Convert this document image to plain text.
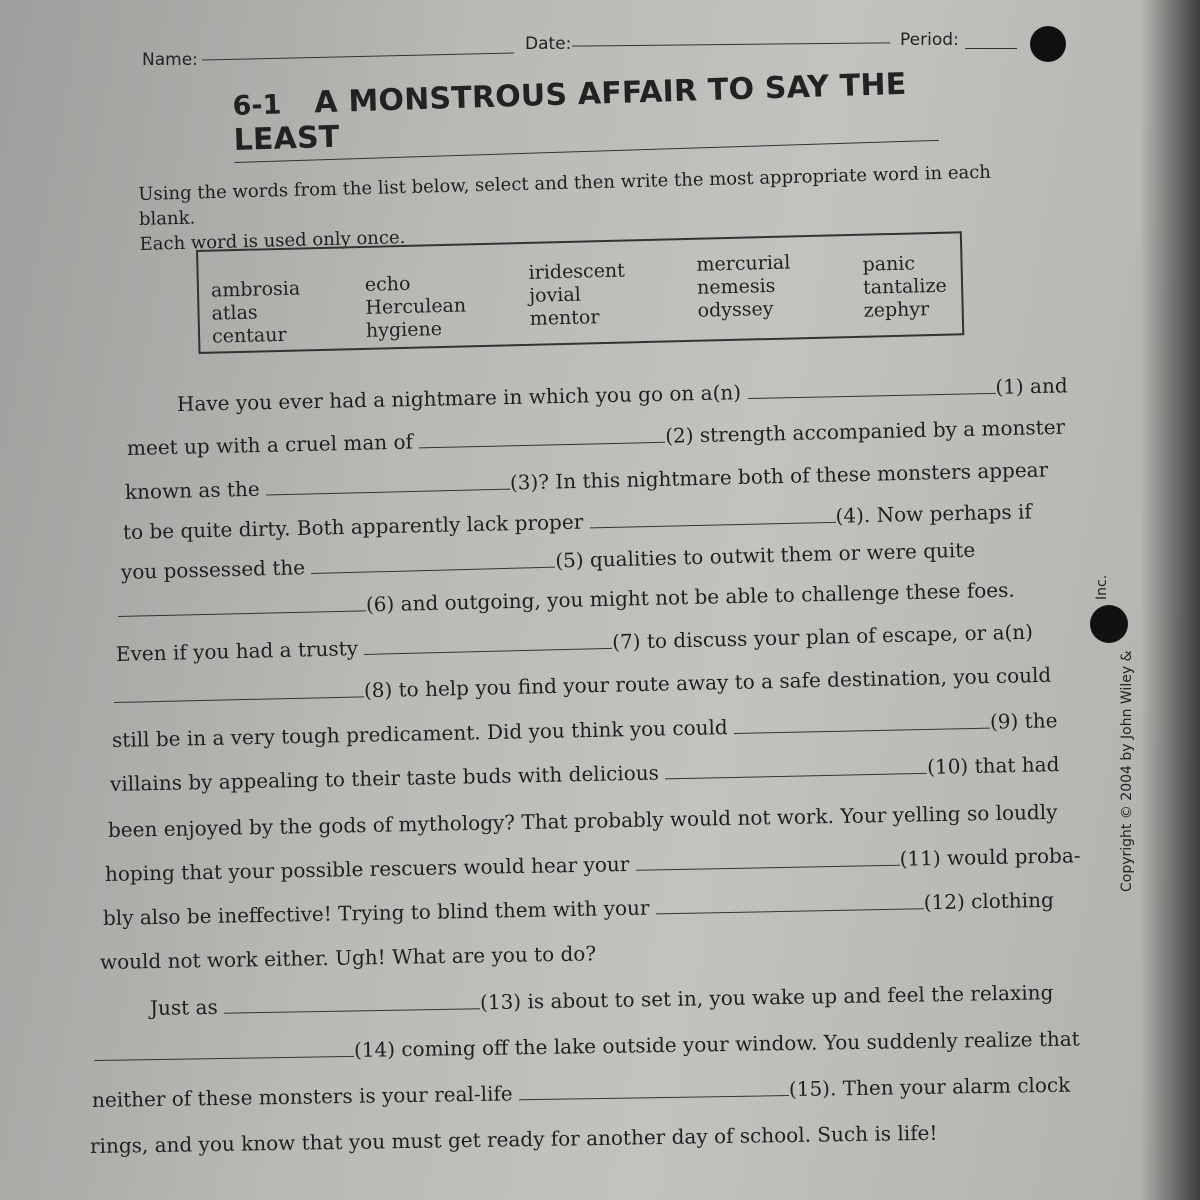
Name:
Date:	Period:
6-1 A MONSTROUS AFFAIR TO SAY THE LEAST
Using the words from the list below, select and then write the most appropriate word in each blank.
Each word is used only once.
ambrosia
atlas
centaur
echo
Herculean
hygiene
iridescent
jovial
mentor
mercurial
nemesis
odyssey
panic
tantalize
zephyr
Have you ever had a nightmare in which you go on a(n)	(1) and
meet up with a cruel man of	(2) strength accompanied by a monster
known as the	(3)? In this nightmare both of these monsters appear
to be quite dirty. Both apparently lack proper	(4). Now perhaps if
you possessed the	(5) qualities to outwit them or were quite
(6) and outgoing, you might not be able to challenge these foes.
Even if you had a trusty	(7) to discuss your plan of escape, or a(n)
(8) to help you find your route away to a safe destination, you could
still be in a very tough predicament. Did you think you could	(9) the
villains by appealing to their taste buds with delicious	(10) that had
been enjoyed by the gods of mythology? That probably would not work. Your yelling so loudly
hoping that your possible rescuers would hear your	(11) would proba-
bly also be ineffective! Trying to blind them with your	(12) clothing
would not work either. Ugh! What are you to do?
Just as	(13) is about to set in, you wake up and feel the relaxing
(14) coming off the lake outside your window. You suddenly realize that
neither of these monsters is your real-life	(15). Then your alarm clock
rings, and you know that you must get ready for another day of school. Such is life!
Copyright © 2004 by John Wiley &
Inc.
